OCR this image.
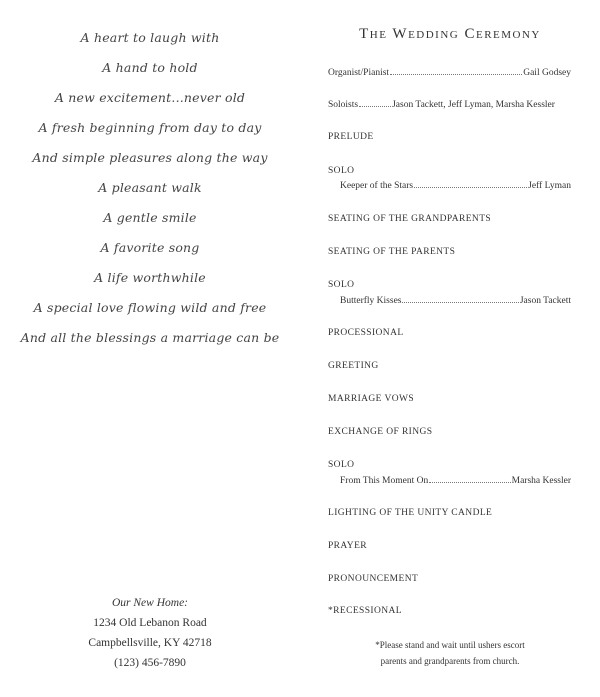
A heart to laugh with
A hand to hold
A new excitement...never old
A fresh beginning from day to day
And simple pleasures along the way
A pleasant walk
A gentle smile
A favorite song
A life worthwhile
A special love flowing wild and free
And all the blessings a marriage can be
Our New Home:
1234 Old Lebanon Road
Campbellsville, KY 42718
(123) 456-7890
The Wedding Ceremony
Organist/Pianist	Gail Godsey
Soloists	Jason Tackett, Jeff Lyman, Marsha Kessler
PRELUDE
SOLO
Keeper of the Stars	Jeff Lyman
SEATING OF THE GRANDPARENTS
SEATING OF THE PARENTS
SOLO
Butterfly Kisses	Jason Tackett
PROCESSIONAL
GREETING
MARRIAGE VOWS
EXCHANGE OF RINGS
SOLO
From This Moment On	Marsha Kessler
LIGHTING OF THE UNITY CANDLE
PRAYER
PRONOUNCEMENT
*RECESSIONAL
*Please stand and wait until ushers escort
parents and grandparents from church.
